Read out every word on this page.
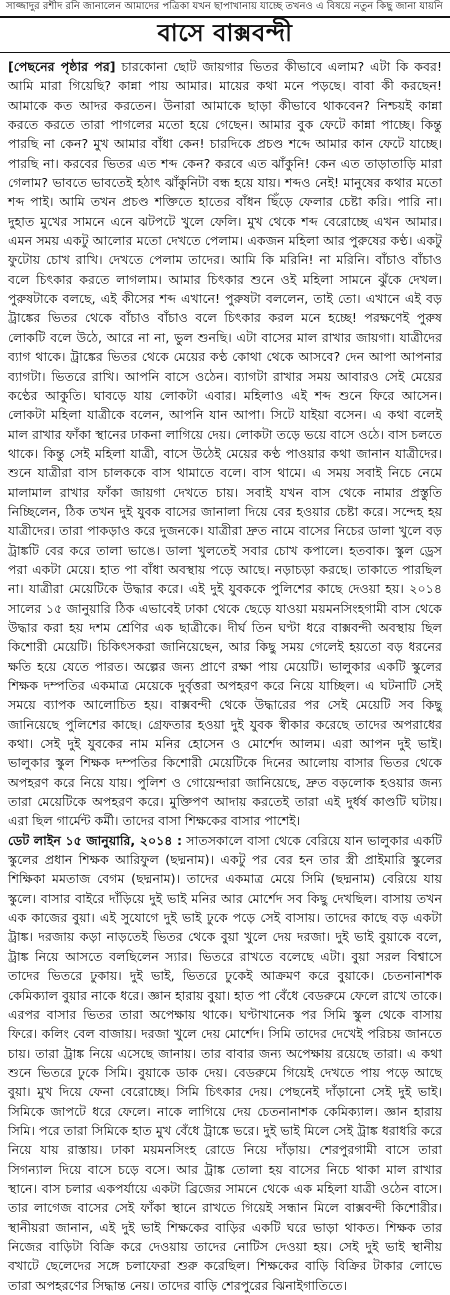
সাজ্জাদুর রশীদ রনি জানালেন আমাদের পত্রিকা যখন ছাপাখানায় যাচ্ছে তখনও এ বিষয়ে নতুন কিছু জানা যায়নি
বাসে বাক্সবন্দী

[পেছনের পৃষ্ঠার পর] চারকোনা ছোট জায়গার ভিতর কীভাবে এলাম? এটা কি কবর! আমি মারা গিয়েছি? কান্না পায় আমার। মায়ের কথা মনে পড়ছে। বাবা কী করছেন! আমাকে কত আদর করতেন। উনারা আমাকে ছাড়া কীভাবে থাকবেন? নিশ্চয়ই কান্না করতে করতে তারা পাগলের মতো হয়ে গেছেন। আমার বুক ফেটে কান্না পাচ্ছে। কিন্তু পারছি না কেন? মুখ আমার বাঁধা কেন! চারদিকে প্রচণ্ড শব্দে আমার কান ফেটে যাচ্ছে। পারছি না। করবের ভিতর এত শব্দ কেন? করবে এত ঝাঁকুনি! কেন এত তাড়াতাড়ি মারা গেলাম? ভাবতে ভাবতেই হঠাৎ ঝাঁকুনিটা বন্ধ হয়ে যায়। শব্দও নেই! মানুষের কথার মতো শব্দ পাই। আমি তখন প্রচণ্ড শক্তিতে হাতের বাঁধন ছিঁড়ে ফেলার চেষ্টা করি। পারি না। দুহাত মুখের সামনে এনে ঝটপটে খুলে ফেলি। মুখ থেকে শব্দ বেরোচ্ছে এখন আমার। এমন সময় একটু আলোর মতো দেখতে পেলাম। একজন মহিলা আর পুরুষের কণ্ঠ। একটু ফুটোয় চোখ রাখি। দেখতে পেলাম তাদের। আমি কি মরিনি! না মরিনি। বাঁচাও বাঁচাও বলে চিৎকার করতে লাগলাম। আমার চিৎকার শুনে ওই মহিলা সামনে ঝুঁকে দেখল। পুরুষটাকে বলছে, এই কীসের শব্দ এখানে! পুরুষটা বললেন, তাই তো। এখানে এই বড় ট্রাঙ্কের ভিতর থেকে বাঁচাও বাঁচাও বলে চিৎকার করল মনে হচ্ছে! পরক্ষণেই পুরুষ লোকটি বলে উঠে, আরে না না, ভুল শুনছি। এটা বাসের মাল রাখার জায়গা। যাত্রীদের ব্যাগ থাকে। ট্রাঙ্কের ভিতর থেকে মেয়ের কণ্ঠ কোথা থেকে আসবে? দেন আপা আপনার ব্যাগটা। ভিতরে রাখি। আপনি বাসে ওঠেন। ব্যাগটা রাখার সময় আবারও সেই মেয়ের কণ্ঠের আকুতি। ঘাবড়ে যায় লোকটা এবার। মহিলাও এই শব্দ শুনে ফিরে আসেন। লোকটা মহিলা যাত্রীকে বলেন, আপনি যান আপা। সিটে যাইয়া বসেন। এ কথা বলেই মাল রাখার ফাঁকা স্থানের ঢাকনা লাগিয়ে দেয়। লোকটা তড়ে ভয়ে বাসে ওঠে। বাস চলতে থাকে। কিন্তু সেই মহিলা যাত্রী, বাসে উঠেই মেয়ের কণ্ঠ পাওয়ার কথা জানান যাত্রীদের। শুনে যাত্রীরা বাস চালককে বাস থামাতে বলে। বাস থামে। এ সময় সবাই নিচে নেমে মালামাল রাখার ফাঁকা জায়গা দেখতে চায়। সবাই যখন বাস থেকে নামার প্রস্তুতি নিচ্ছিলেন, ঠিক তখন দুই যুবক বাসের জানালা দিয়ে বের হওয়ার চেষ্টা করে। সন্দেহ হয় যাত্রীদের। তারা পাকড়াও করে দুজনকে। যাত্রীরা দ্রুত নামে বাসের নিচের ডালা খুলে বড় ট্রাঙ্কটি বের করে তালা ভাঙে। ডালা খুলতেই সবার চোখ কপালে। হতবাক। স্কুল ড্রেস পরা একটা মেয়ে। হাত পা বাঁধা অবস্থায় পড়ে আছে। নড়াচড়া করছে। তাকাতে পারছিল না। যাত্রীরা মেয়েটিকে উদ্ধার করে। এই দুই যুবককে পুলিশের কাছে দেওয়া হয়। ২০১৪ সালের ১৫ জানুয়ারি ঠিক এভাবেই ঢাকা থেকে ছেড়ে যাওয়া ময়মনসিংহগামী বাস থেকে উদ্ধার করা হয় দশম শ্রেণির এক ছাত্রীকে। দীর্ঘ তিন ঘণ্টা ধরে বাক্সবন্দী অবস্থায় ছিল কিশোরী মেয়েটি। চিকিৎসকরা জানিয়েছেন, আর কিছু সময় গেলেই হয়তো বড় ধরনের ক্ষতি হয়ে যেতে পারত। অল্পের জন্য প্রাণে রক্ষা পায় মেয়েটি। ভালুকার একটি স্কুলের শিক্ষক দম্পতির একমাত্র মেয়েকে দুর্বৃত্তরা অপহরণ করে নিয়ে যাচ্ছিল। এ ঘটনাটি সেই সময়ে ব্যাপক আলোচিত হয়। বাক্সবন্দী থেকে উদ্ধারের পর সেই মেয়েটি সব কিছু জানিয়েছে পুলিশের কাছে। গ্রেফতার হওয়া দুই যুবক স্বীকার করেছে তাদের অপরাধের কথা। সেই দুই যুবকের নাম মনির হোসেন ও মোর্শেদ আলম। এরা আপন দুই ভাই। ভালুকার স্কুল শিক্ষক দম্পতির কিশোরী মেয়েটিকে দিনের আলোয় বাসার ভিতর থেকে অপহরণ করে নিয়ে যায়। পুলিশ ও গোয়েন্দারা জানিয়েছে, দ্রুত বড়লোক হওয়ার জন্য তারা মেয়েটিকে অপহরণ করে। মুক্তিপণ আদায় করতেই তারা এই দুর্ধর্ষ কাণ্ডটি ঘটায়। এরা ছিল গার্মেন্ট কর্মী। তাদের বাসা শিক্ষকের বাসার পাশেই।

ডেট লাইন ১৫ জানুয়ারি, ২০১৪ : সাতসকালে বাসা থেকে বেরিয়ে যান ভালুকার একটি স্কুলের প্রধান শিক্ষক আরিফুল (ছদ্মনাম)। একটু পর বের হন তার স্ত্রী প্রাইমারি স্কুলের শিক্ষিকা মমতাজ বেগম (ছদ্মনাম)। তাদের একমাত্র মেয়ে সিমি (ছদ্মনাম) বেরিয়ে যায় স্কুলে। বাসার বাইরে দাঁড়িয়ে দুই ভাই মনির আর মোর্শেদ সব কিছু দেখছিল। বাসায় তখন এক কাজের বুয়া। এই সুযোগে দুই ভাই ঢুকে পড়ে সেই বাসায়। তাদের কাছে বড় একটা ট্রাঙ্ক। দরজায় কড়া নাড়তেই ভিতর থেকে বুয়া খুলে দেয় দরজা। দুই ভাই বুয়াকে বলে, ট্রাঙ্ক নিয়ে আসতে বলছিলেন স্যার। ভিতরে রাখতে বলেছে এটা। বুয়া সরল বিশ্বাসে তাদের ভিতরে ঢুকায়। দুই ভাই, ভিতরে ঢুকেই আক্রমণ করে বুয়াকে। চেতনানাশক কেমিক্যাল বুয়ার নাকে ধরে। জ্ঞান হারায় বুয়া। হাত পা বেঁধে বেডরুমে ফেলে রাখে তাকে। এরপর বাসার ভিতর তারা অপেক্ষায় থাকে। ঘণ্টাখানেক পর সিমি স্কুল থেকে বাসায় ফিরে। কলিং বেল বাজায়। দরজা খুলে দেয় মোর্শেদ। সিমি তাদের দেখেই পরিচয় জানতে চায়। তারা ট্রাঙ্ক নিয়ে এসেছে জানায়। তার বাবার জন্য অপেক্ষায় রয়েছে তারা। এ কথা শুনে ভিতরে ঢুকে সিমি। বুয়াকে ডাক দেয়। বেডরুমে গিয়েই দেখতে পায় পড়ে আছে বুয়া। মুখ দিয়ে ফেনা বেরোচ্ছে। সিমি চিৎকার দেয়। পেছনেই দাঁড়ানো সেই দুই ভাই। সিমিকে জাপটে ধরে ফেলে। নাকে লাগিয়ে দেয় চেতনানাশক কেমিক্যাল। জ্ঞান হারায় সিমি। পরে তারা সিমিকে হাত মুখ বেঁধে ট্রাঙ্কে ভরে। দুই ভাই মিলে সেই ট্রাঙ্ক ধরাধরি করে নিয়ে যায় রাস্তায়। ঢাকা ময়মনসিংহ রোডে নিয়ে দাঁড়ায়। শেরপুরগামী বাসে তারা সিগন্যাল দিয়ে বাসে চড়ে বসে। আর ট্রাঙ্ক তোলা হয় বাসের নিচে থাকা মাল রাখার স্থানে। বাস চলার একপর্যায়ে একটা ব্রিজের সামনে থেকে এক মহিলা যাত্রী ওঠেন বাসে। তার লাগেজ বাসের সেই ফাঁকা স্থানে রাখতে গিয়েই সন্ধান মিলে বাক্সবন্দী কিশোরীর। স্থানীয়রা জানান, এই দুই ভাই শিক্ষকের বাড়ির একটি ঘরে ভাড়া থাকত। শিক্ষক তার নিজের বাড়িটা বিক্রি করে দেওয়ায় তাদের নোটিস দেওয়া হয়। সেই দুই ভাই স্থানীয় বখাটে ছেলেদের সঙ্গে চলাফেরা শুরু করেছিল। শিক্ষকের বাড়ি বিক্রির টাকার লোভে তারা অপহরণের সিদ্ধান্ত নেয়। তাদের বাড়ি শেরপুরের ঝিনাইগাতিতে।
